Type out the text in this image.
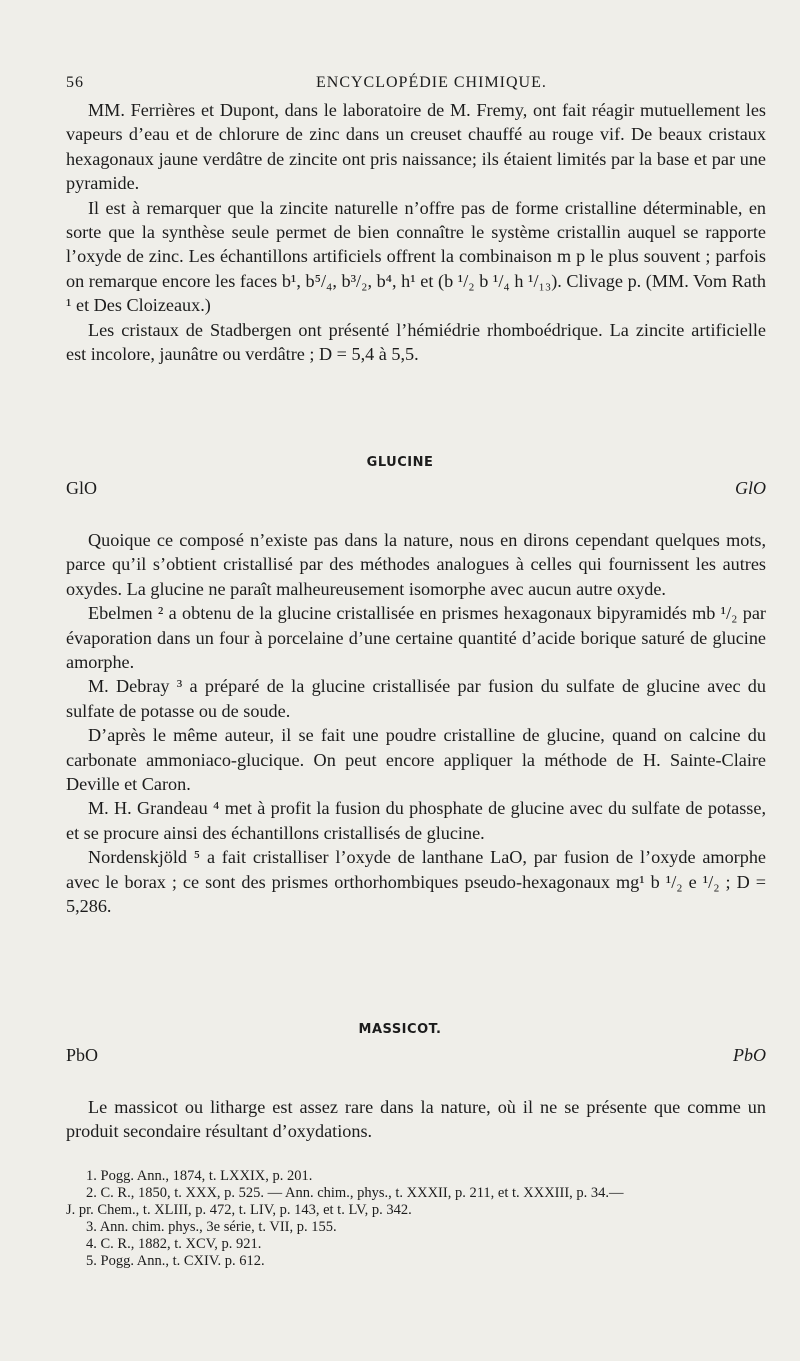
56	ENCYCLOPÉDIE CHIMIQUE.

MM. Ferrières et Dupont, dans le laboratoire de M. Fremy, ont fait réagir mutuellement les vapeurs d’eau et de chlorure de zinc dans un creuset chauffé au rouge vif. De beaux cristaux hexagonaux jaune verdâtre de zincite ont pris naissance; ils étaient limités par la base et par une pyramide.

Il est à remarquer que la zincite naturelle n’offre pas de forme cristalline déterminable, en sorte que la synthèse seule permet de bien connaître le système cristallin auquel se rapporte l’oxyde de zinc. Les échantillons artificiels offrent la combinaison m p le plus souvent ; parfois on remarque encore les faces b¹, b⁵/₄, b³/₂, b⁴, h¹ et (b ¹/₂ b ¹/₄ h ¹/₁₃). Clivage p. (MM. Vom Rath ¹ et Des Cloizeaux.)

Les cristaux de Stadbergen ont présenté l’hémiédrie rhomboédrique. La zincite artificielle est incolore, jaunâtre ou verdâtre ; D = 5,4 à 5,5.

GLUCINE
GlO	GlO

Quoique ce composé n’existe pas dans la nature, nous en dirons cependant quelques mots, parce qu’il s’obtient cristallisé par des méthodes analogues à celles qui fournissent les autres oxydes. La glucine ne paraît malheureusement isomorphe avec aucun autre oxyde.

Ebelmen ² a obtenu de la glucine cristallisée en prismes hexagonaux bipyramidés mb ¹/₂ par évaporation dans un four à porcelaine d’une certaine quantité d’acide borique saturé de glucine amorphe.

M. Debray ³ a préparé de la glucine cristallisée par fusion du sulfate de glucine avec du sulfate de potasse ou de soude.

D’après le même auteur, il se fait une poudre cristalline de glucine, quand on calcine du carbonate ammoniaco-glucique. On peut encore appliquer la méthode de H. Sainte-Claire Deville et Caron.

M. H. Grandeau ⁴ met à profit la fusion du phosphate de glucine avec du sulfate de potasse, et se procure ainsi des échantillons cristallisés de glucine.

Nordenskjöld ⁵ a fait cristalliser l’oxyde de lanthane LaO, par fusion de l’oxyde amorphe avec le borax ; ce sont des prismes orthorhombiques pseudo-hexagonaux mg¹ b ¹/₂ e ¹/₂ ; D = 5,286.

MASSICOT.
PbO	PbO

Le massicot ou litharge est assez rare dans la nature, où il ne se présente que comme un produit secondaire résultant d’oxydations.

1. Pogg. Ann., 1874, t. LXXIX, p. 201.
2. C. R., 1850, t. XXX, p. 525. — Ann. chim., phys., t. XXXII, p. 211, et t. XXXIII, p. 34.—
J. pr. Chem., t. XLIII, p. 472, t. LIV, p. 143, et t. LV, p. 342.
3. Ann. chim. phys., 3e série, t. VII, p. 155.
4. C. R., 1882, t. XCV, p. 921.
5. Pogg. Ann., t. CXIV. p. 612.
